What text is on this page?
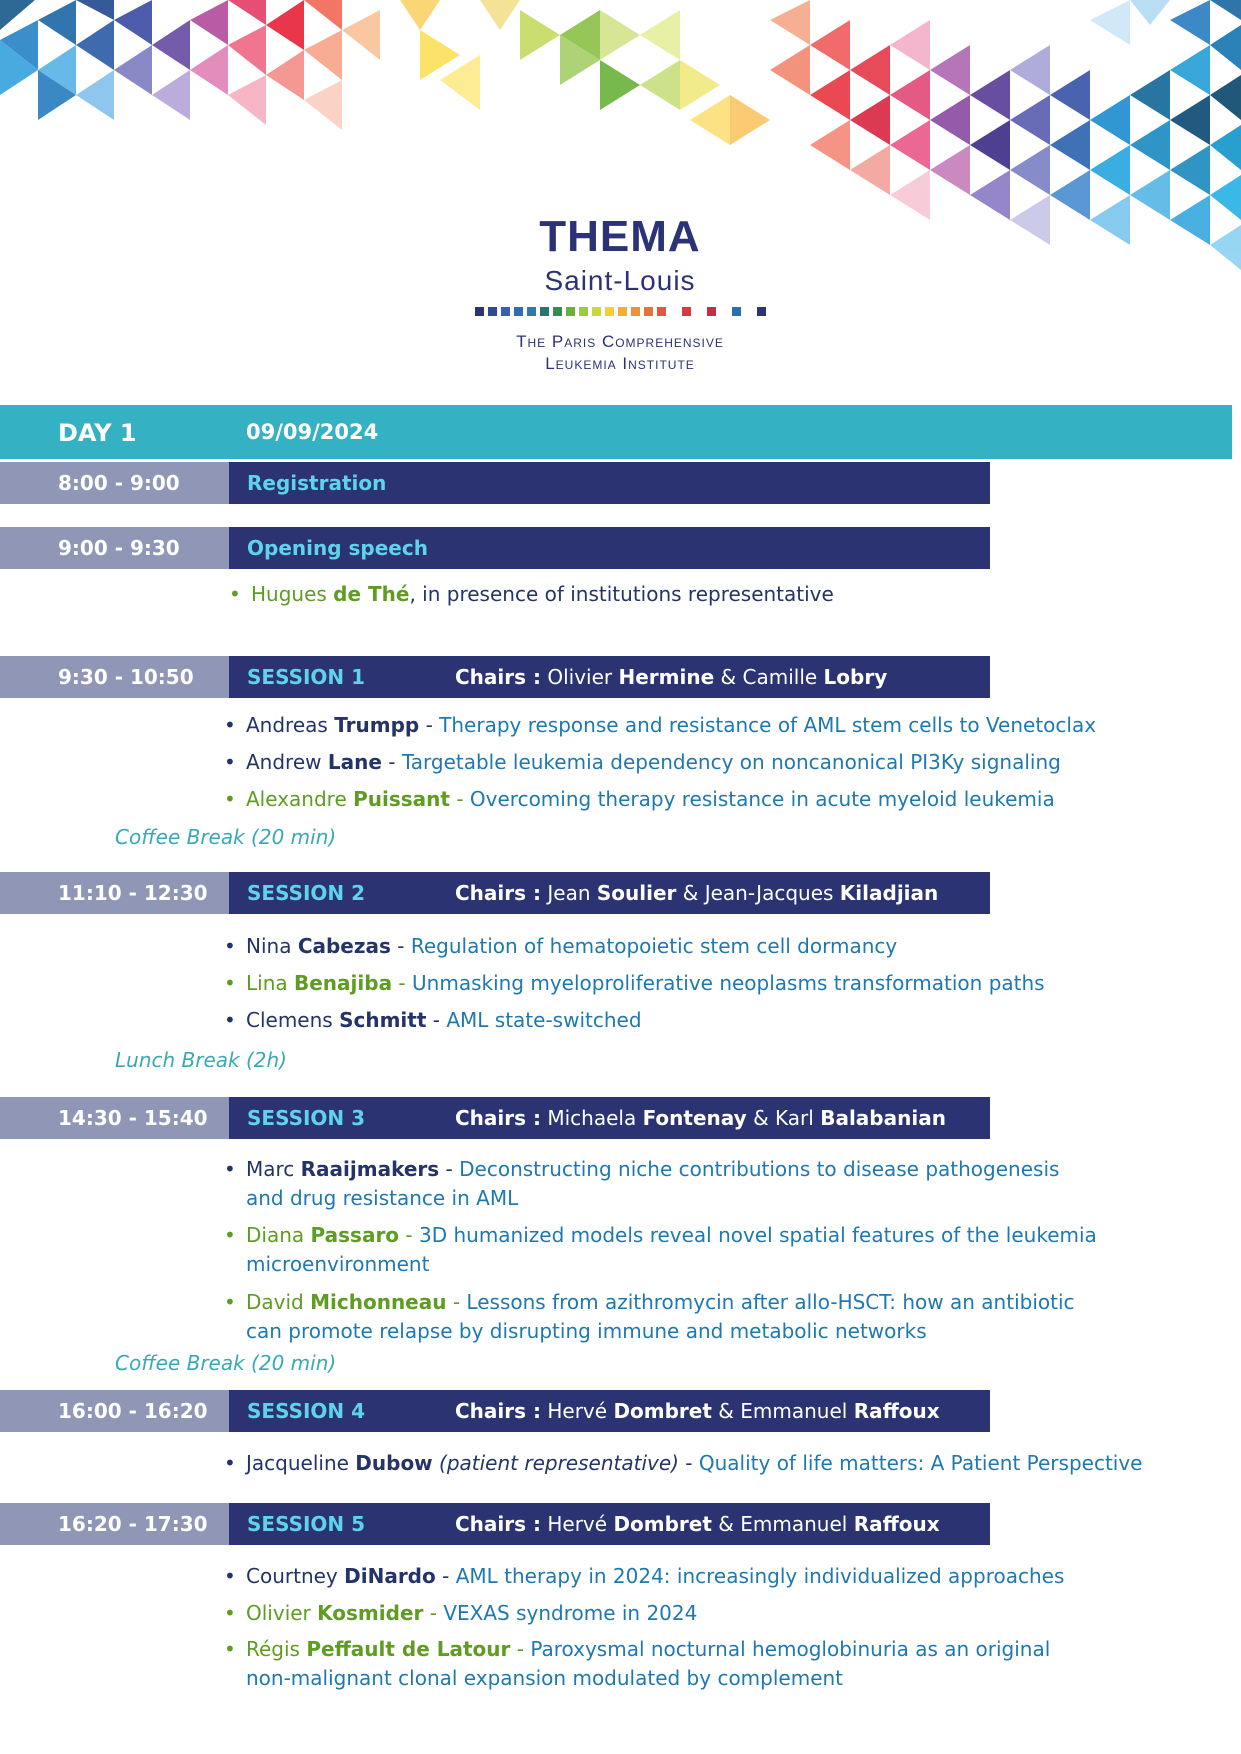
THEMA
Saint-Louis
The Paris Comprehensive
Leukemia Institute
DAY 1	09/09/2024
8:00 - 9:00	Registration
9:00 - 9:30	Opening speech
• Hugues de Thé, in presence of institutions representative
9:30 - 10:50	SESSION 1	Chairs : Olivier Hermine & Camille Lobry
• Andreas Trumpp - Therapy response and resistance of AML stem cells to Venetoclax
• Andrew Lane - Targetable leukemia dependency on noncanonical PI3Ky signaling
• Alexandre Puissant - Overcoming therapy resistance in acute myeloid leukemia
Coffee Break (20 min)
11:10 - 12:30 SESSION 2	Chairs : Jean Soulier & Jean-Jacques Kiladjian
• Nina Cabezas - Regulation of hematopoietic stem cell dormancy
• Lina Benajiba - Unmasking myeloproliferative neoplasms transformation paths
• Clemens Schmitt - AML state-switched
Lunch Break (2h)
14:30 - 15:40 SESSION 3	Chairs : Michaela Fontenay & Karl Balabanian
• Marc Raaijmakers - Deconstructing niche contributions to disease pathogenesis
and drug resistance in AML
• Diana Passaro - 3D humanized models reveal novel spatial features of the leukemia
microenvironment
• David Michonneau - Lessons from azithromycin after allo-HSCT: how an antibiotic
can promote relapse by disrupting immune and metabolic networks
Coffee Break (20 min)
16:00 - 16:20 SESSION 4	Chairs : Hervé Dombret & Emmanuel Raffoux
• Jacqueline Dubow (patient representative) - Quality of life matters: A Patient Perspective
16:20 - 17:30 SESSION 5	Chairs : Hervé Dombret & Emmanuel Raffoux
• Courtney DiNardo - AML therapy in 2024: increasingly individualized approaches
• Olivier Kosmider - VEXAS syndrome in 2024
• Régis Peffault de Latour - Paroxysmal nocturnal hemoglobinuria as an original
non-malignant clonal expansion modulated by complement
